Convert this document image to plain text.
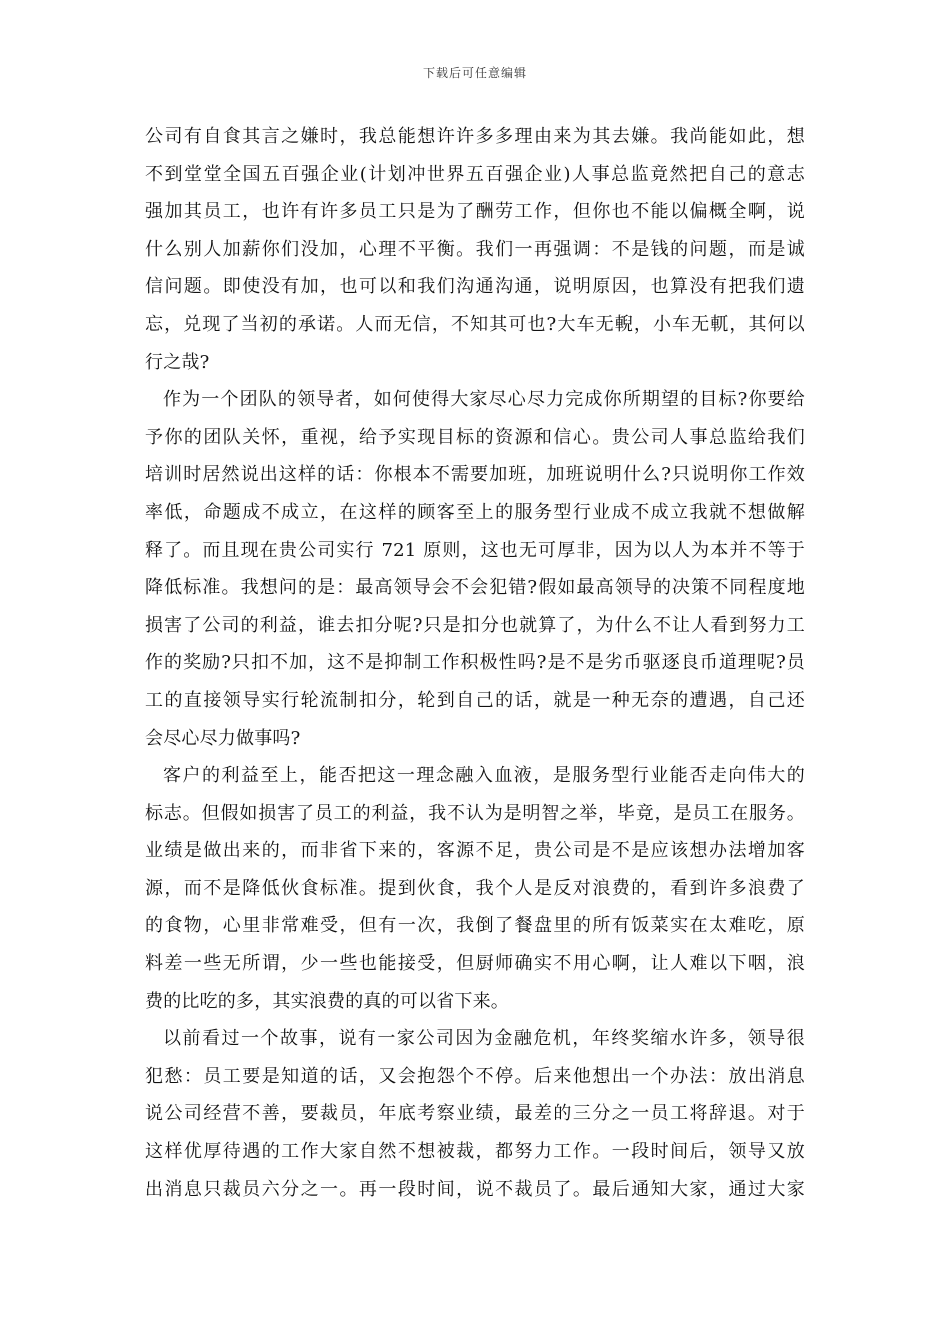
下载后可任意编辑
公司有自食其言之嫌时，我总能想许许多多理由来为其去嫌。我尚能如此，想
不到堂堂全国五百强企业(计划冲世界五百强企业)人事总监竟然把自己的意志
强加其员工，也许有许多员工只是为了酬劳工作，但你也不能以偏概全啊，说
什么别人加薪你们没加，心理不平衡。我们一再强调：不是钱的问题，而是诚
信问题。即使没有加，也可以和我们沟通沟通，说明原因，也算没有把我们遗
忘，兑现了当初的承诺。人而无信，不知其可也?大车无輗，小车无軏，其何以
行之哉?
作为一个团队的领导者，如何使得大家尽心尽力完成你所期望的目标?你要给
予你的团队关怀，重视，给予实现目标的资源和信心。贵公司人事总监给我们
培训时居然说出这样的话：你根本不需要加班，加班说明什么?只说明你工作效
率低，命题成不成立，在这样的顾客至上的服务型行业成不成立我就不想做解
释了。而且现在贵公司实行 721 原则，这也无可厚非，因为以人为本并不等于
降低标准。我想问的是：最高领导会不会犯错?假如最高领导的决策不同程度地
损害了公司的利益，谁去扣分呢?只是扣分也就算了，为什么不让人看到努力工
作的奖励?只扣不加，这不是抑制工作积极性吗?是不是劣币驱逐良币道理呢?员
工的直接领导实行轮流制扣分，轮到自己的话，就是一种无奈的遭遇，自己还
会尽心尽力做事吗?
客户的利益至上，能否把这一理念融入血液，是服务型行业能否走向伟大的
标志。但假如损害了员工的利益，我不认为是明智之举，毕竟，是员工在服务。
业绩是做出来的，而非省下来的，客源不足，贵公司是不是应该想办法增加客
源，而不是降低伙食标准。提到伙食，我个人是反对浪费的，看到许多浪费了
的食物，心里非常难受，但有一次，我倒了餐盘里的所有饭菜实在太难吃，原
料差一些无所谓，少一些也能接受，但厨师确实不用心啊，让人难以下咽，浪
费的比吃的多，其实浪费的真的可以省下来。
以前看过一个故事，说有一家公司因为金融危机，年终奖缩水许多，领导很
犯愁：员工要是知道的话，又会抱怨个不停。后来他想出一个办法：放出消息
说公司经营不善，要裁员，年底考察业绩，最差的三分之一员工将辞退。对于
这样优厚待遇的工作大家自然不想被裁，都努力工作。一段时间后，领导又放
出消息只裁员六分之一。再一段时间，说不裁员了。最后通知大家，通过大家
